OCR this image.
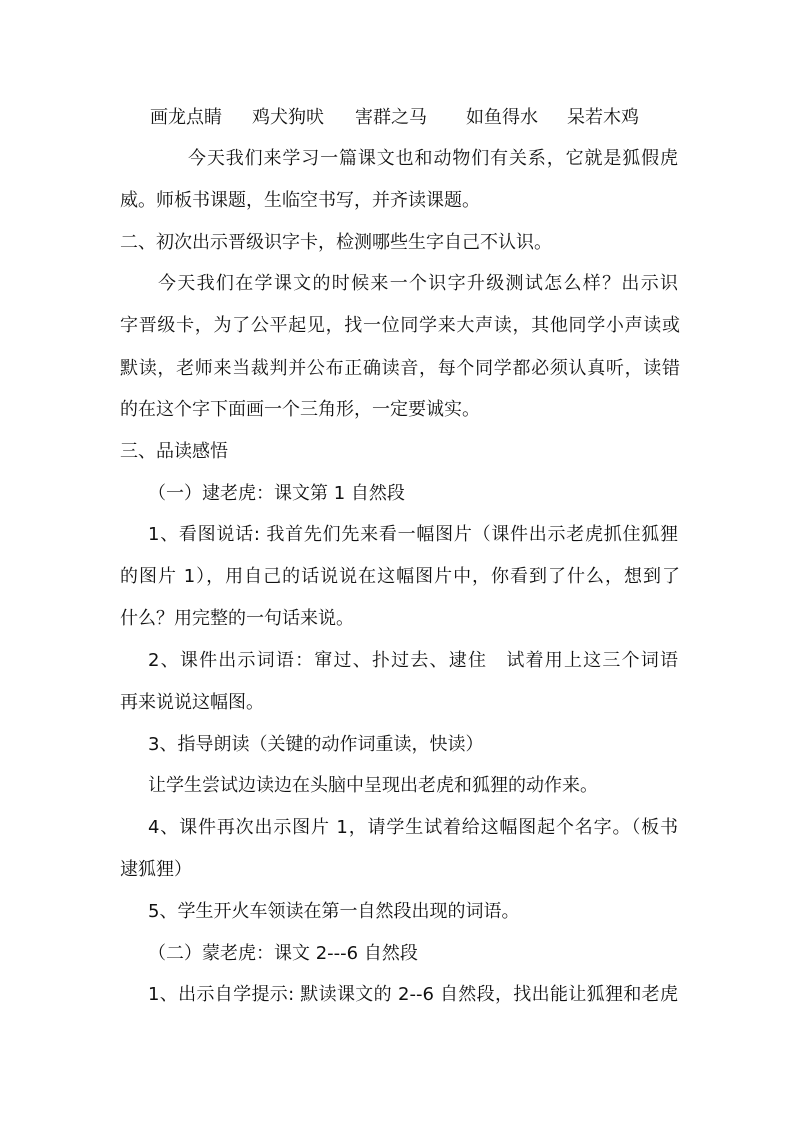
画龙点睛	鸡犬狗吠	害群之马	如鱼得水	呆若木鸡
今天我们来学习一篇课文也和动物们有关系，它就是狐假虎
威。师板书课题，生临空书写，并齐读课题。
二、初次出示晋级识字卡，检测哪些生字自己不认识。
今天我们在学课文的时候来一个识字升级测试怎么样？出示识
字晋级卡，为了公平起见，找一位同学来大声读，其他同学小声读或
默读，老师来当裁判并公布正确读音，每个同学都必须认真听，读错
的在这个字下面画一个三角形，一定要诚实。
三、品读感悟
（一）逮老虎：课文第 1 自然段
1、看图说话: 我首先们先来看一幅图片（课件出示老虎抓住狐狸
的图片 1），用自己的话说说在这幅图片中，你看到了什么，想到了
什么？用完整的一句话来说。
2、课件出示词语：窜过、扑过去、逮住　试着用上这三个词语
再来说说这幅图。
3、指导朗读（关键的动作词重读，快读）
让学生尝试边读边在头脑中呈现出老虎和狐狸的动作来。
4、课件再次出示图片 1，请学生试着给这幅图起个名字。（板书
逮狐狸）
5、学生开火车领读在第一自然段出现的词语。
（二）蒙老虎：课文 2---6 自然段
1、出示自学提示: 默读课文的 2--6 自然段，找出能让狐狸和老虎
